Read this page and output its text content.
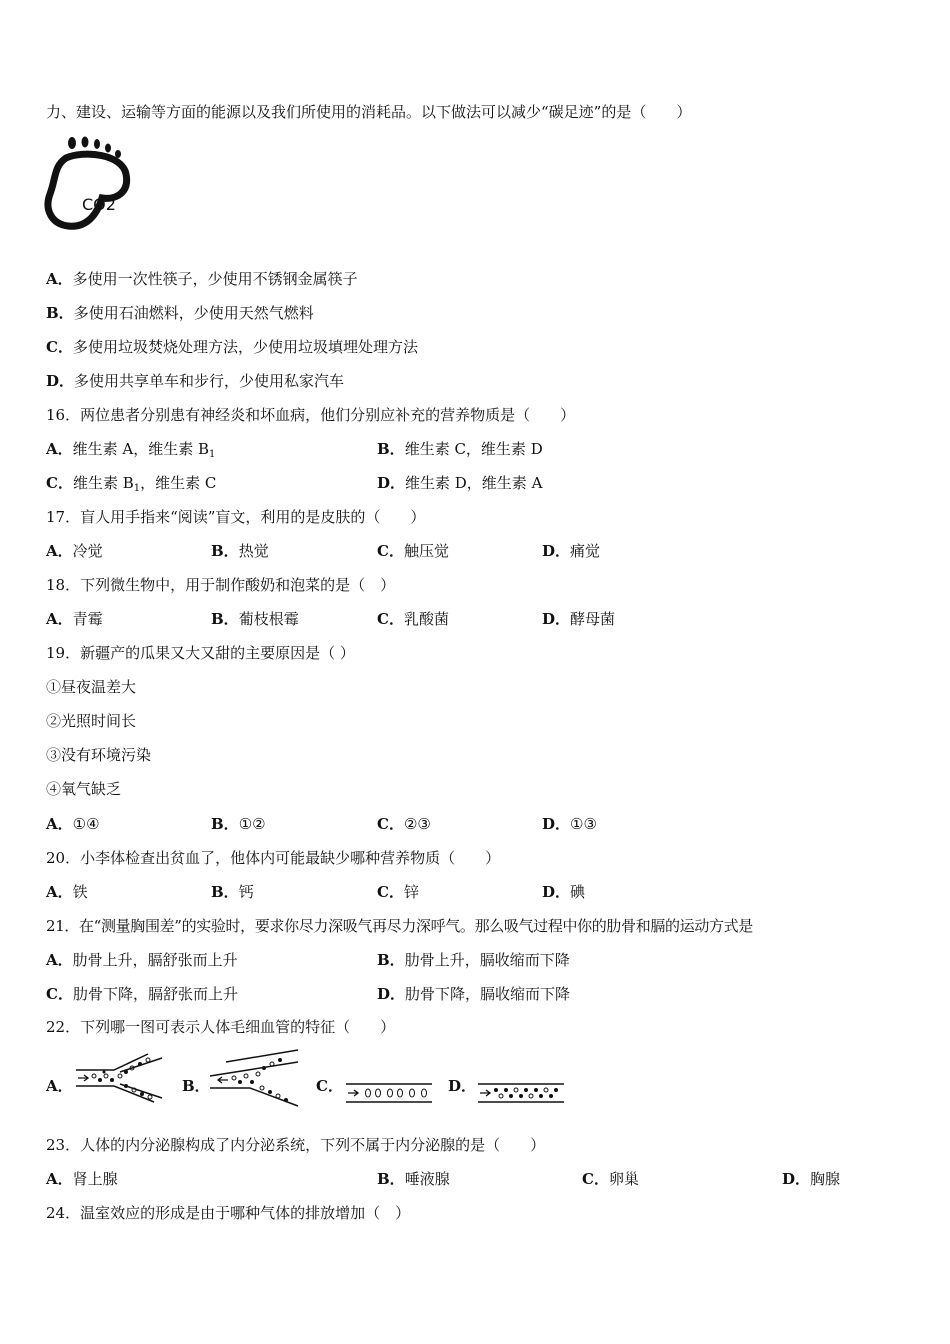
力、建设、运输等方面的能源以及我们所使用的消耗品。以下做法可以减少“碳足迹”的是（　　）
CO2
A．多使用一次性筷子，少使用不锈钢金属筷子
B．多使用石油燃料，少使用天然气燃料
C．多使用垃圾焚烧处理方法，少使用垃圾填埋处理方法
D．多使用共享单车和步行，少使用私家汽车
16．两位患者分别患有神经炎和坏血病，他们分别应补充的营养物质是（　　）
A．维生素 A，维生素 $B_1$	B．维生素 C，维生素 D
C．维生素 $B_1$，维生素 C	D．维生素 D，维生素 A
17．盲人用手指来“阅读”盲文，利用的是皮肤的（　　）
A．冷觉	B．热觉	C．触压觉	D．痛觉
18．下列微生物中，用于制作酸奶和泡菜的是（　）
A．青霉	B．葡枝根霉	C．乳酸菌	D．酵母菌
19．新疆产的瓜果又大又甜的主要原因是（ ）
①昼夜温差大
②光照时间长
③没有环境污染
④氧气缺乏
A．①④	B．①②	C．②③	D．①③
20．小李体检查出贫血了，他体内可能最缺少哪种营养物质（　　）
A．铁	B．钙	C．锌	D．碘
21．在“测量胸围差”的实验时，要求你尽力深吸气再尽力深呼气。那么吸气过程中你的肋骨和膈的运动方式是
A．肋骨上升，膈舒张而上升	B．肋骨上升，膈收缩而下降
C．肋骨下降，膈舒张而上升	D．肋骨下降，膈收缩而下降
22．下列哪一图可表示人体毛细血管的特征（　　）
A．	B．	C．	D．
23．人体的内分泌腺构成了内分泌系统，下列不属于内分泌腺的是（　　）
A．肾上腺	B．唾液腺	C．卵巢	D．胸腺
24．温室效应的形成是由于哪种气体的排放增加（　）
